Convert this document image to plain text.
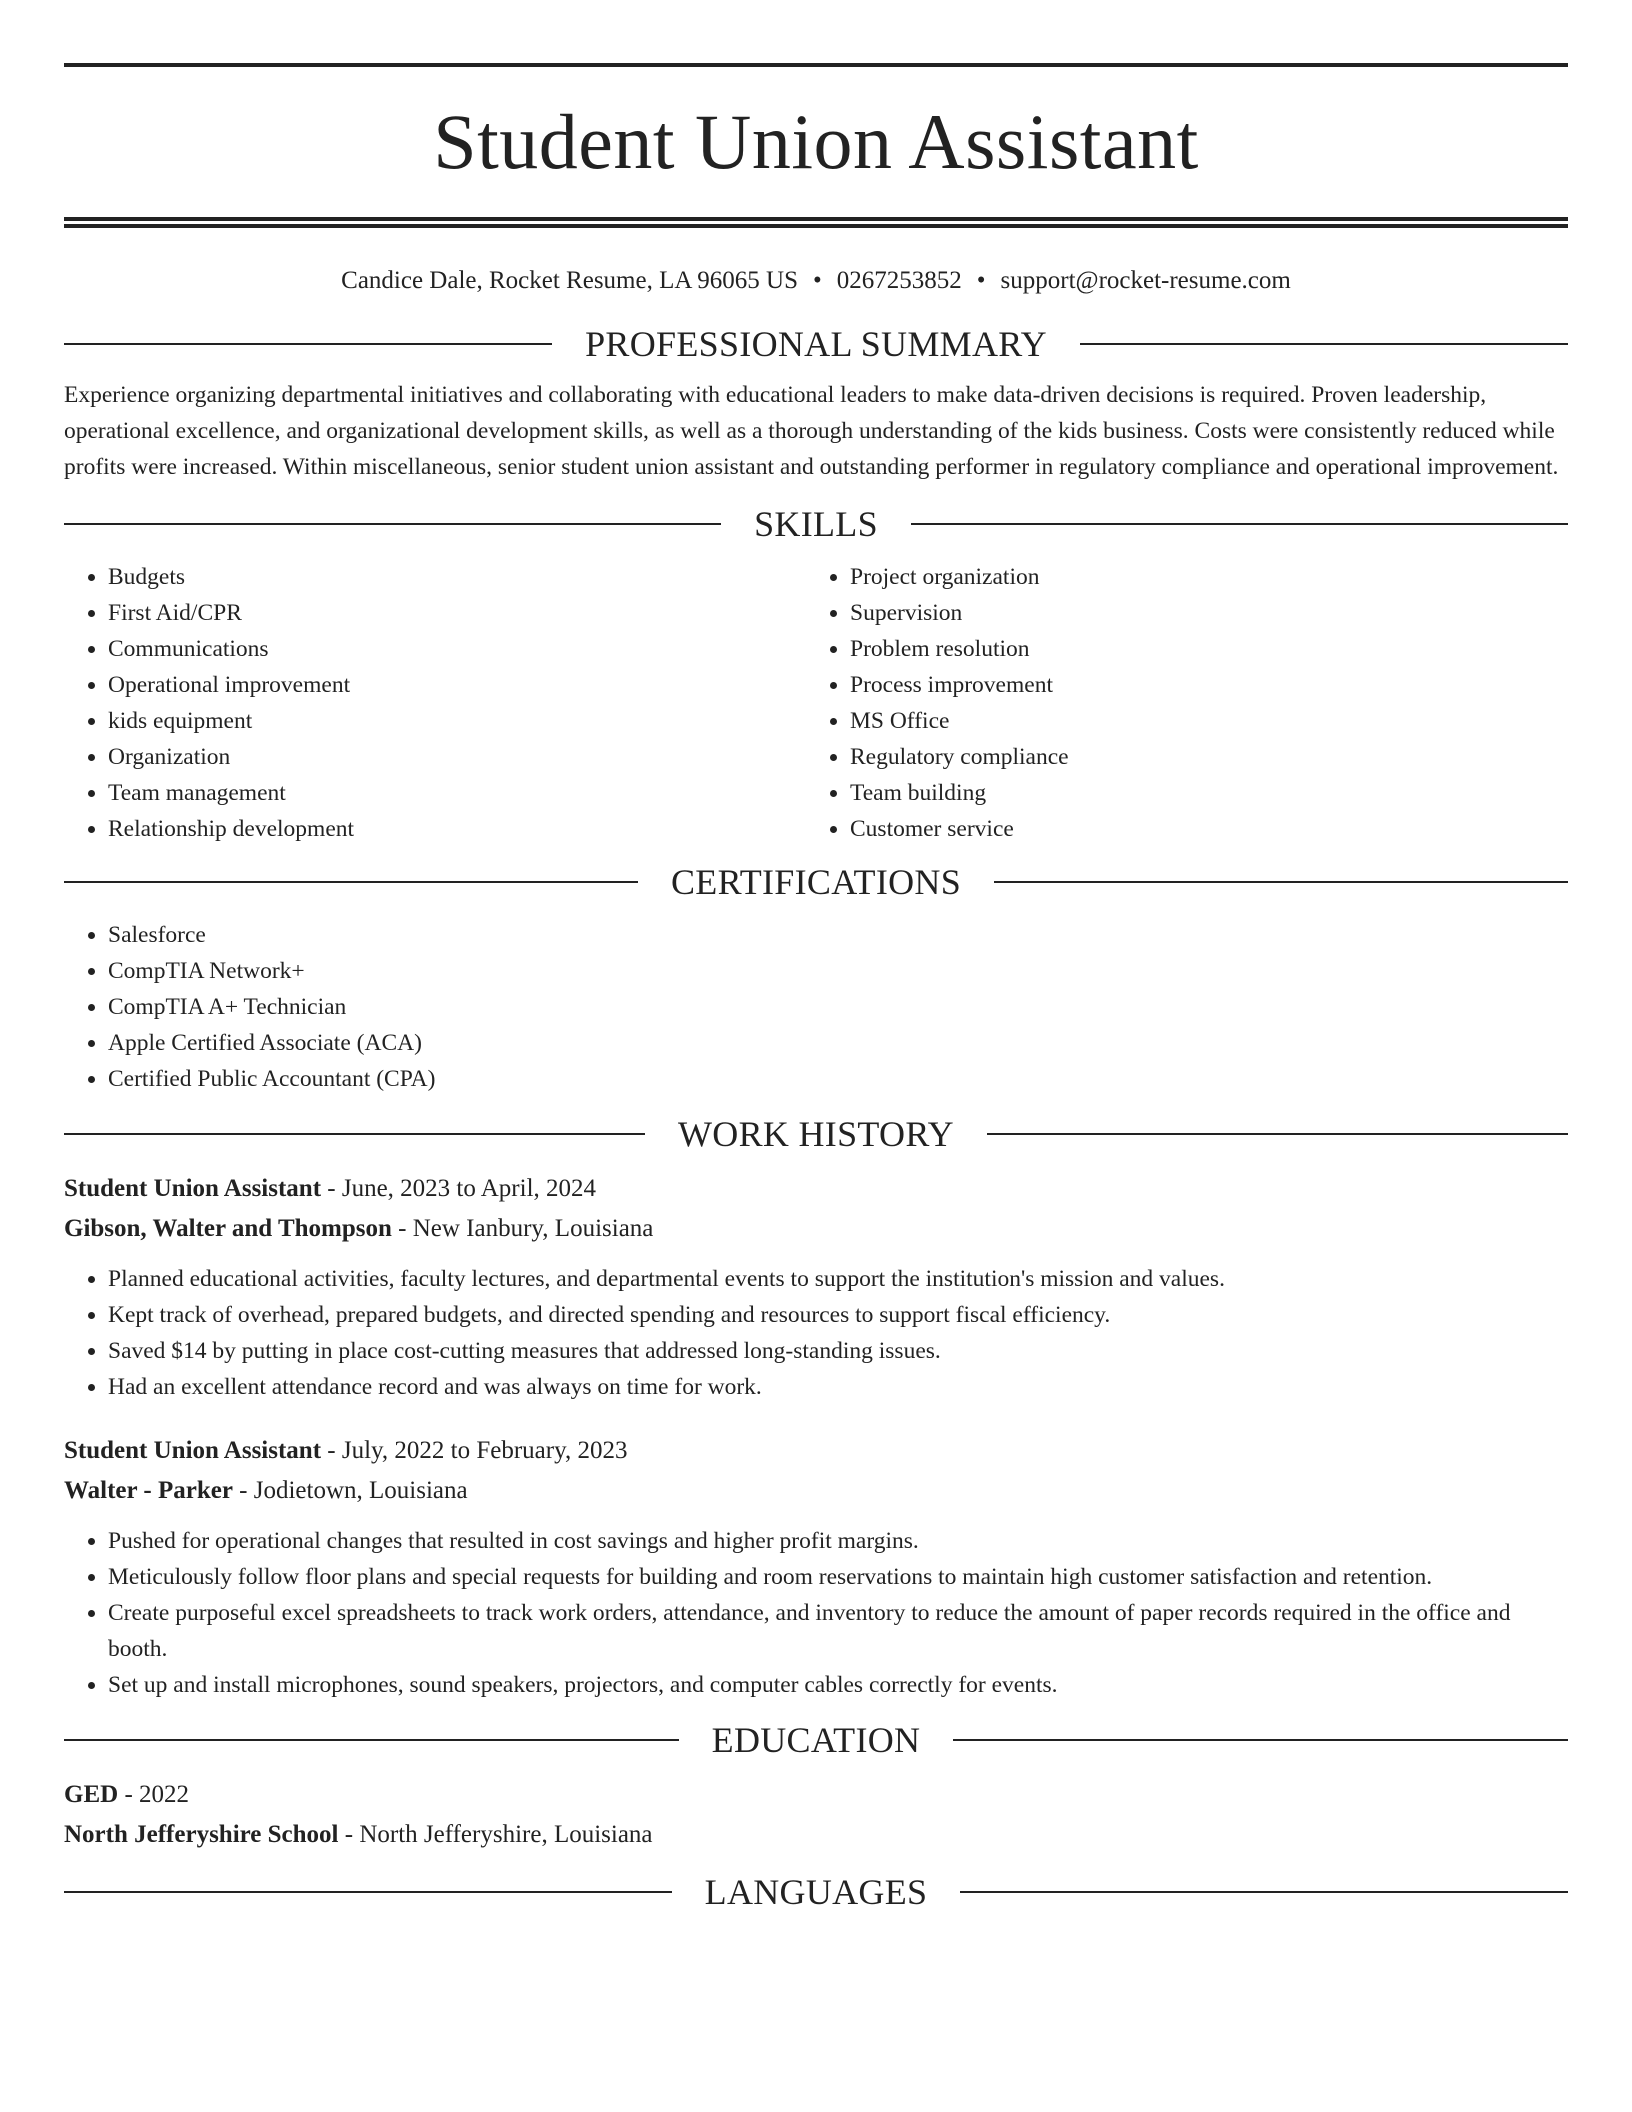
Student Union Assistant
Candice Dale, Rocket Resume, LA 96065 US • 0267253852 • support@rocket-resume.com
PROFESSIONAL SUMMARY
Experience organizing departmental initiatives and collaborating with educational leaders to make data-driven decisions is required. Proven leadership, operational excellence, and organizational development skills, as well as a thorough understanding of the kids business. Costs were consistently reduced while profits were increased. Within miscellaneous, senior student union assistant and outstanding performer in regulatory compliance and operational improvement.
SKILLS
• Budgets
• First Aid/CPR
• Communications
• Operational improvement
• kids equipment
• Organization
• Team management
• Relationship development
• Project organization
• Supervision
• Problem resolution
• Process improvement
• MS Office
• Regulatory compliance
• Team building
• Customer service
CERTIFICATIONS
• Salesforce
• CompTIA Network+
• CompTIA A+ Technician
• Apple Certified Associate (ACA)
• Certified Public Accountant (CPA)
WORK HISTORY
Student Union Assistant - June, 2023 to April, 2024
Gibson, Walter and Thompson - New Ianbury, Louisiana
• Planned educational activities, faculty lectures, and departmental events to support the institution's mission and values.
• Kept track of overhead, prepared budgets, and directed spending and resources to support fiscal efficiency.
• Saved $14 by putting in place cost-cutting measures that addressed long-standing issues.
• Had an excellent attendance record and was always on time for work.
Student Union Assistant - July, 2022 to February, 2023
Walter - Parker - Jodietown, Louisiana
• Pushed for operational changes that resulted in cost savings and higher profit margins.
• Meticulously follow floor plans and special requests for building and room reservations to maintain high customer satisfaction and retention.
• Create purposeful excel spreadsheets to track work orders, attendance, and inventory to reduce the amount of paper records required in the office and booth.
• Set up and install microphones, sound speakers, projectors, and computer cables correctly for events.
EDUCATION
GED - 2022
North Jefferyshire School - North Jefferyshire, Louisiana
LANGUAGES
